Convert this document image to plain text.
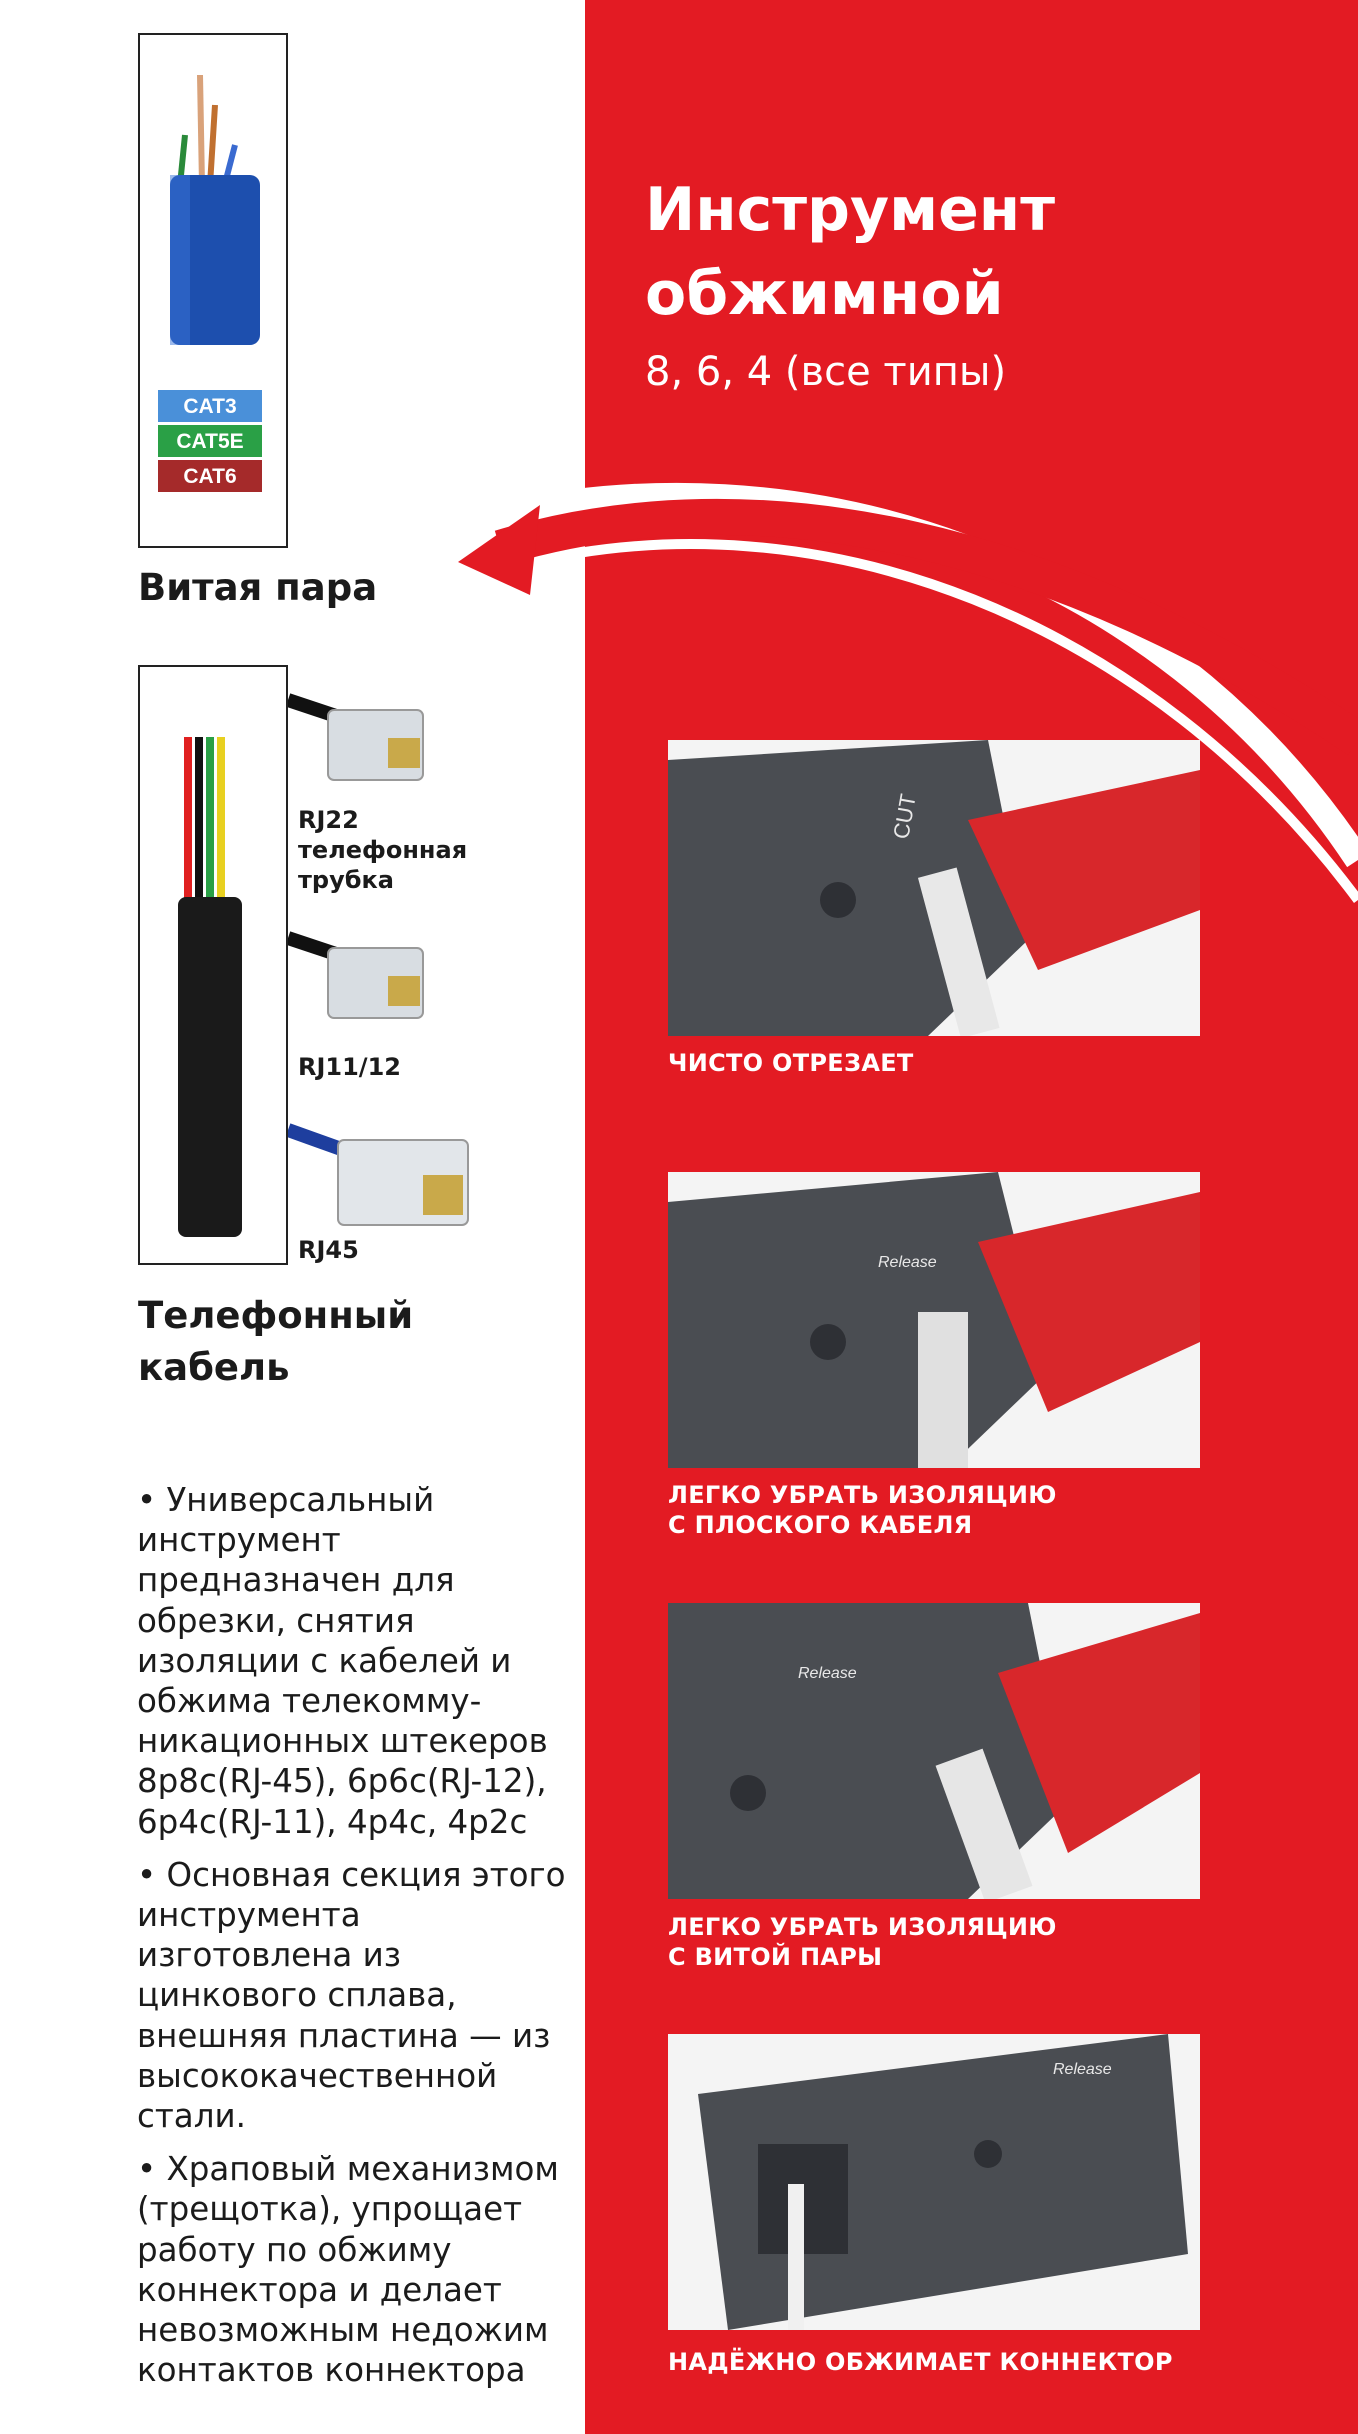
Инструмент
обжимной
8, 6, 4 (все типы)
CAT3
CAT5E
CAT6
Витая пара
RJ22
телефонная
трубка
RJ11/12
RJ45
Телефонный
кабель

• Универсальный инструмент предназначен для обрезки, снятия изоляции с кабелей и обжима телекомму-никационных штекеров 8p8c(RJ-45), 6p6c(RJ-12), 6p4c(RJ-11), 4p4c, 4p2c

• Основная секция этого инструмента изготовлена из цинкового сплава, внешняя пластина — из высококачественной стали.

• Храповый механизмом (трещотка), упрощает работу по обжиму коннектора и делает невозможным недожим контактов коннектора

CUT
ЧИСТО ОТРЕЗАЕТ
Release
ЛЕГКО УБРАТЬ ИЗОЛЯЦИЮ
С ПЛОСКОГО КАБЕЛЯ
Release
ЛЕГКО УБРАТЬ ИЗОЛЯЦИЮ
С ВИТОЙ ПАРЫ
Release
НАДЁЖНО ОБЖИМАЕТ КОННЕКТОР
